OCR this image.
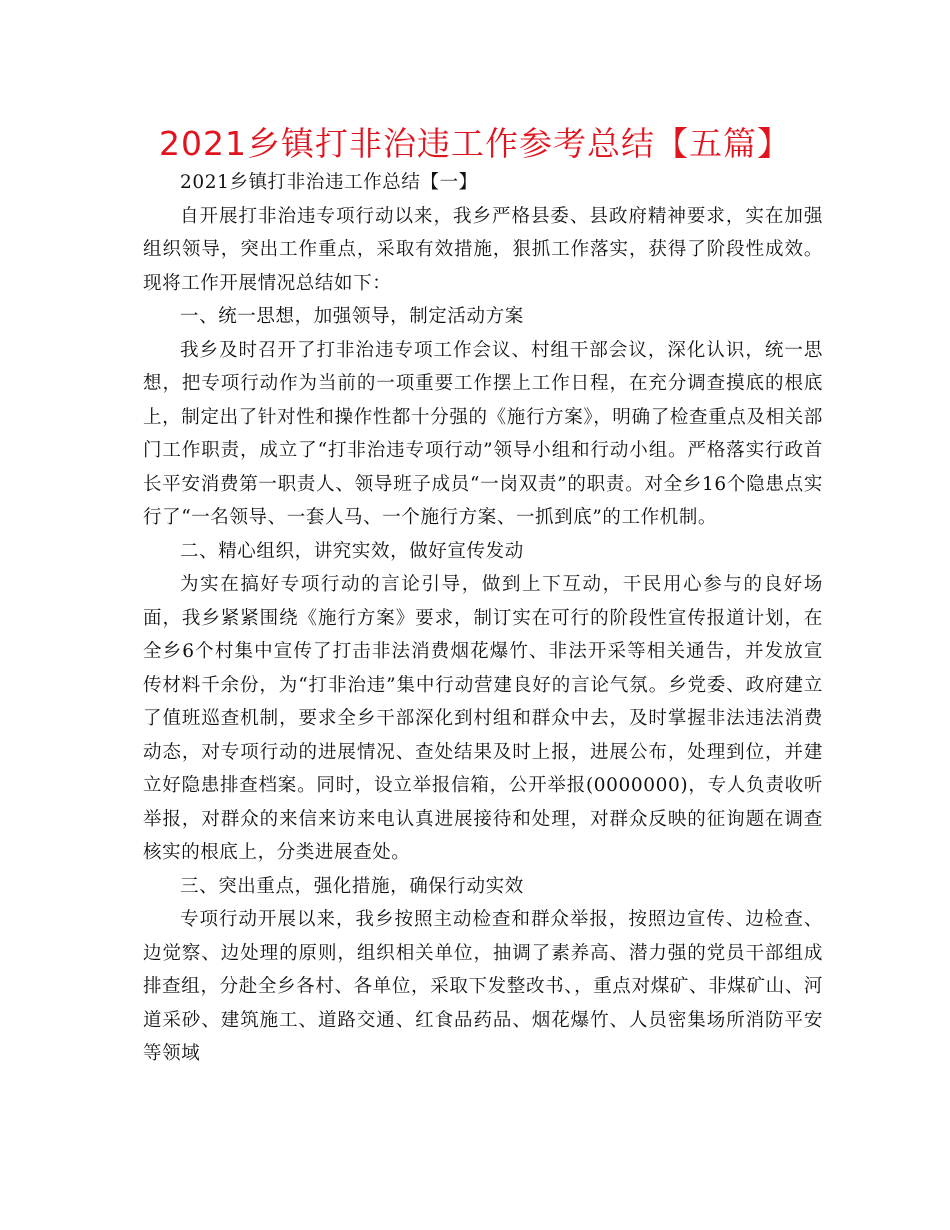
2021乡镇打非治违工作参考总结【五篇】
2021乡镇打非治违工作总结【一】

自开展打非治违专项行动以来，我乡严格县委、县政府精神要求，实在加强组织领导，突出工作重点，采取有效措施，狠抓工作落实，获得了阶段性成效。现将工作开展情况总结如下：

一、统一思想，加强领导，制定活动方案

我乡及时召开了打非治违专项工作会议、村组干部会议，深化认识，统一思想，把专项行动作为当前的一项重要工作摆上工作日程，在充分调查摸底的根底上，制定出了针对性和操作性都十分强的《施行方案》，明确了检查重点及相关部门工作职责，成立了“打非治违专项行动”领导小组和行动小组。严格落实行政首长平安消费第一职责人、领导班子成员“一岗双责”的职责。对全乡16个隐患点实行了“一名领导、一套人马、一个施行方案、一抓到底”的工作机制。

二、精心组织，讲究实效，做好宣传发动

为实在搞好专项行动的言论引导，做到上下互动，干民用心参与的良好场面，我乡紧紧围绕《施行方案》要求，制订实在可行的阶段性宣传报道计划，在全乡6个村集中宣传了打击非法消费烟花爆竹、非法开采等相关通告，并发放宣传材料千余份，为“打非治违”集中行动营建良好的言论气氛。乡党委、政府建立了值班巡查机制，要求全乡干部深化到村组和群众中去，及时掌握非法违法消费动态，对专项行动的进展情况、查处结果及时上报，进展公布，处理到位，并建立好隐患排查档案。同时，设立举报信箱，公开举报(0000000)，专人负责收听举报，对群众的来信来访来电认真进展接待和处理，对群众反映的征询题在调查核实的根底上，分类进展查处。

三、突出重点，强化措施，确保行动实效

专项行动开展以来，我乡按照主动检查和群众举报，按照边宣传、边检查、边觉察、边处理的原则，组织相关单位，抽调了素养高、潜力强的党员干部组成排查组，分赴全乡各村、各单位，采取下发整改书、，重点对煤矿、非煤矿山、河道采砂、建筑施工、道路交通、红食品药品、烟花爆竹、人员密集场所消防平安等领域
